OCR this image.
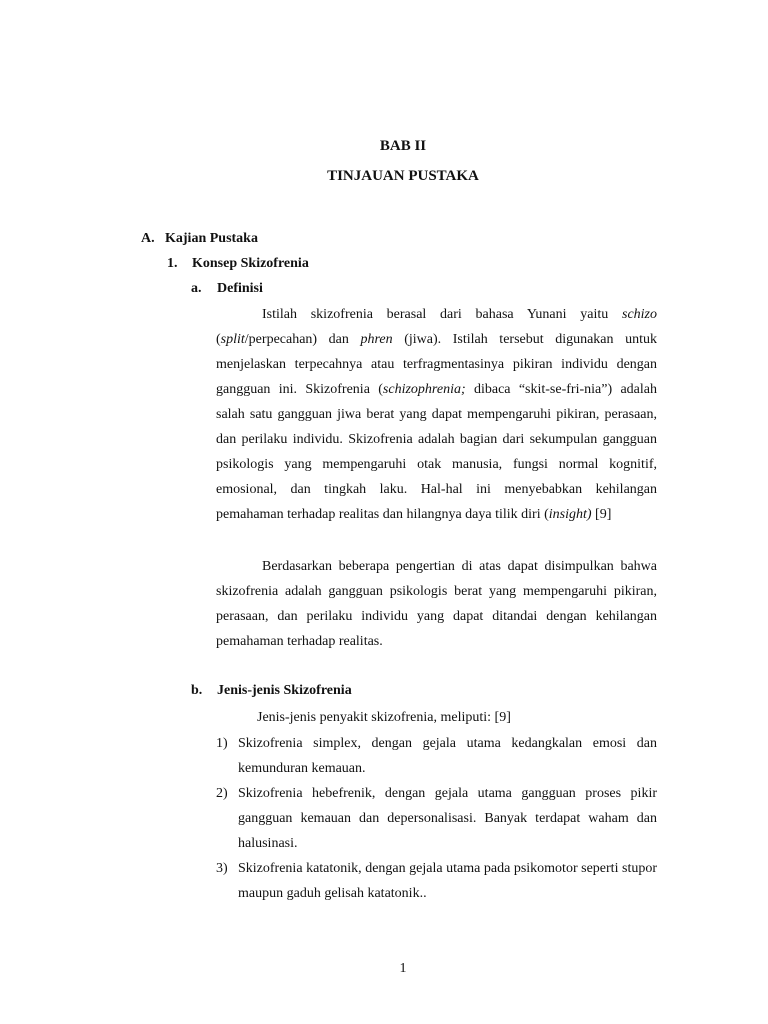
BAB II
TINJAUAN PUSTAKA
A. Kajian Pustaka
1. Konsep Skizofrenia
a. Definisi

Istilah skizofrenia berasal dari bahasa Yunani yaitu schizo (split/perpecahan) dan phren (jiwa). Istilah tersebut digunakan untuk menjelaskan terpecahnya atau terfragmentasinya pikiran individu dengan gangguan ini. Skizofrenia (schizophrenia; dibaca “skit-se-fri-nia”) adalah salah satu gangguan jiwa berat yang dapat mempengaruhi pikiran, perasaan, dan perilaku individu. Skizofrenia adalah bagian dari sekumpulan gangguan psikologis yang mempengaruhi otak manusia, fungsi normal kognitif, emosional, dan tingkah laku. Hal-hal ini menyebabkan kehilangan pemahaman terhadap realitas dan hilangnya daya tilik diri (insight) [9]

Berdasarkan beberapa pengertian di atas dapat disimpulkan bahwa skizofrenia adalah gangguan psikologis berat yang mempengaruhi pikiran, perasaan, dan perilaku individu yang dapat ditandai dengan kehilangan pemahaman terhadap realitas.

b. Jenis-jenis Skizofrenia
Jenis-jenis penyakit skizofrenia, meliputi: [9]
1) Skizofrenia simplex, dengan gejala utama kedangkalan emosi dan kemunduran kemauan.
2) Skizofrenia hebefrenik, dengan gejala utama gangguan proses pikir gangguan kemauan dan depersonalisasi. Banyak terdapat waham dan halusinasi.
3) Skizofrenia katatonik, dengan gejala utama pada psikomotor seperti stupor maupun gaduh gelisah katatonik..
1
